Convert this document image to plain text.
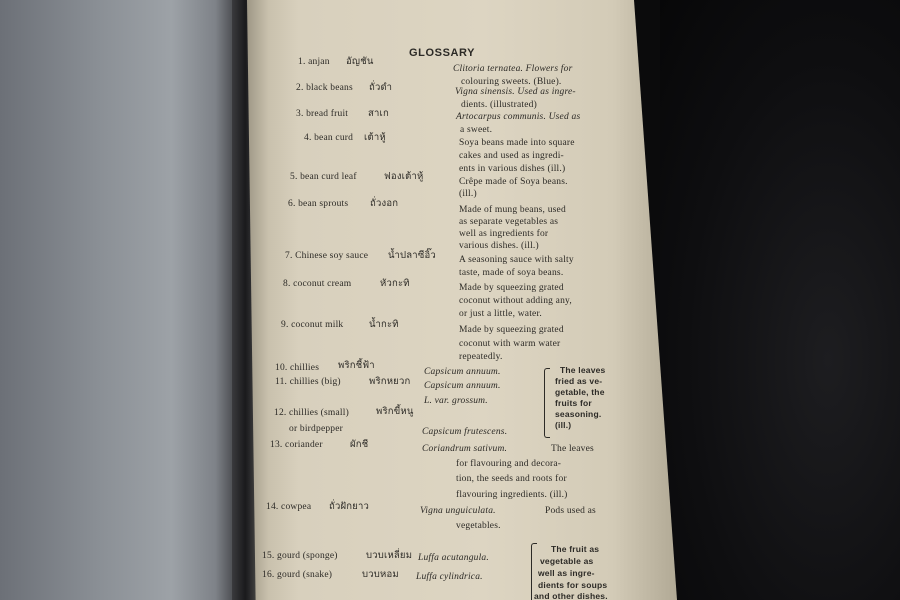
GLOSSARY
1. anjan อัญชัน
Clitoria ternatea. Flowers for
colouring sweets. (Blue).
2. black beans ถั่วดำ	Vigna sinensis. Used as ingre-
dients. (illustrated)
3. bread fruit สาเก	Artocarpus communis. Used as
a sweet.
4. bean curd เต้าหู้	Soya beans made into square
cakes and used as ingredi-
ents in various dishes (ill.)
5. bean curd leaf	ฟองเต้าหู้	Crêpe made of Soya beans.
(ill.)
6. bean sprouts ถั่วงอก
Made of mung beans, used
as separate vegetables as
well as ingredients for
various dishes. (ill.)
7. Chinese soy sauce น้ำปลาซีอิ๊ว A seasoning sauce with salty
taste, made of soya beans.
8. coconut cream	หัวกะทิ	Made by squeezing grated
coconut without adding any,
or just a little, water.
9. coconut milk	น้ำกะทิ	Made by squeezing grated
coconut with warm water
repeatedly.
10. chillies พริกชี้ฟ้า
Capsicum annuum.
11. chillies (big)	พริกหยวก Capsicum annuum.
L. var. grossum.
12. chillies (small)	พริกขี้หนู
or birdpepper	Capsicum frutescens.
The leaves
fried as ve-
getable, the
fruits for
seasoning.
(ill.)
13. coriander	ผักชี	Coriandrum sativum.	The leaves
for flavouring and decora-
tion, the seeds and roots for
flavouring ingredients. (ill.)
14. cowpea ถั่วฝักยาว	Vigna unguiculata.	Pods used as
vegetables.
15. gourd (sponge)	บวบเหลี่ยม Luffa acutangula.
16. gourd (snake)	บวบหอม Luffa cylindrica.
The fruit as
vegetable as
well as ingre-
dients for soups
and other dishes.
